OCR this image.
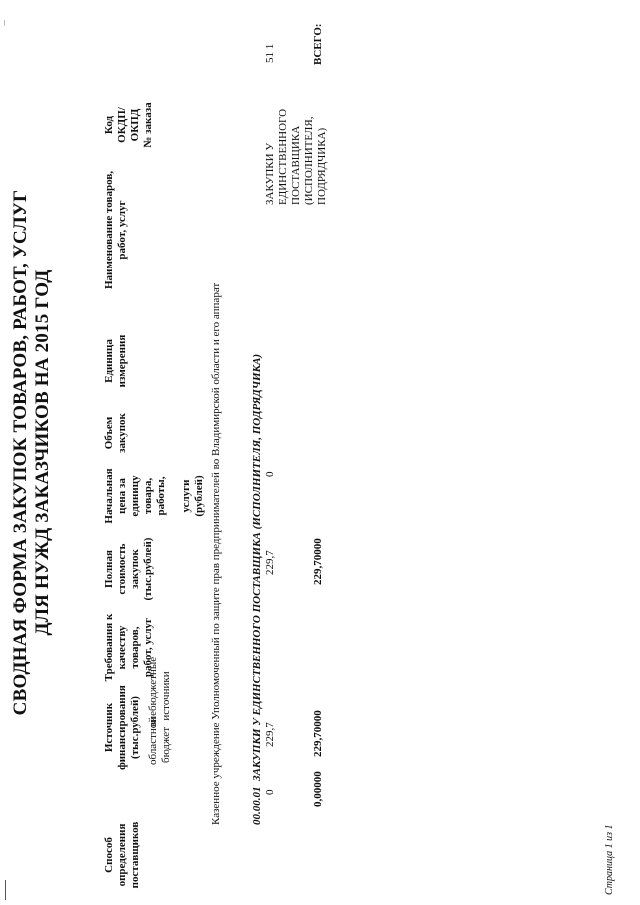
СВОДНАЯ ФОРМА ЗАКУПОК ТОВАРОВ, РАБОТ, УСЛУГ ДЛЯ НУЖД ЗАКАЗЧИКОВ НА 2015 ГОД
Код ОКДП/ ОКПД № заказа
Наименование товаров, работ, услуг
Единица измерения
Объем закупок
Начальная цена за единицу товара, работы, услуги (рублей)
Полная стоимость закупок (тыс.рублей)
Требования к качеству товаров, работ, услуг
Источник финансирования (тыс.рублей) областной бюджет
внебюджетные источники
Способ определения поставщиков
Казенное учреждение Уполномоченный по защите прав предпринимателей во Владимирской области и его аппарат	00.00.01  ЗАКУПКИ У ЕДИНСТВЕННОГО ПОСТАВЩИКА (ИСПОЛНИТЕЛЯ, ПОДРЯДЧИКА)
51 1
ЗАКУПКИ У ЕДИНСТВЕННОГО ПОСТАВЩИКА (ИСПОЛНИТЕЛЯ, ПОДРЯДЧИКА)
0
229,7
229,7
0
ВСЕГО:
229,70000
229,70000
0,00000
Страница 1 из 1
